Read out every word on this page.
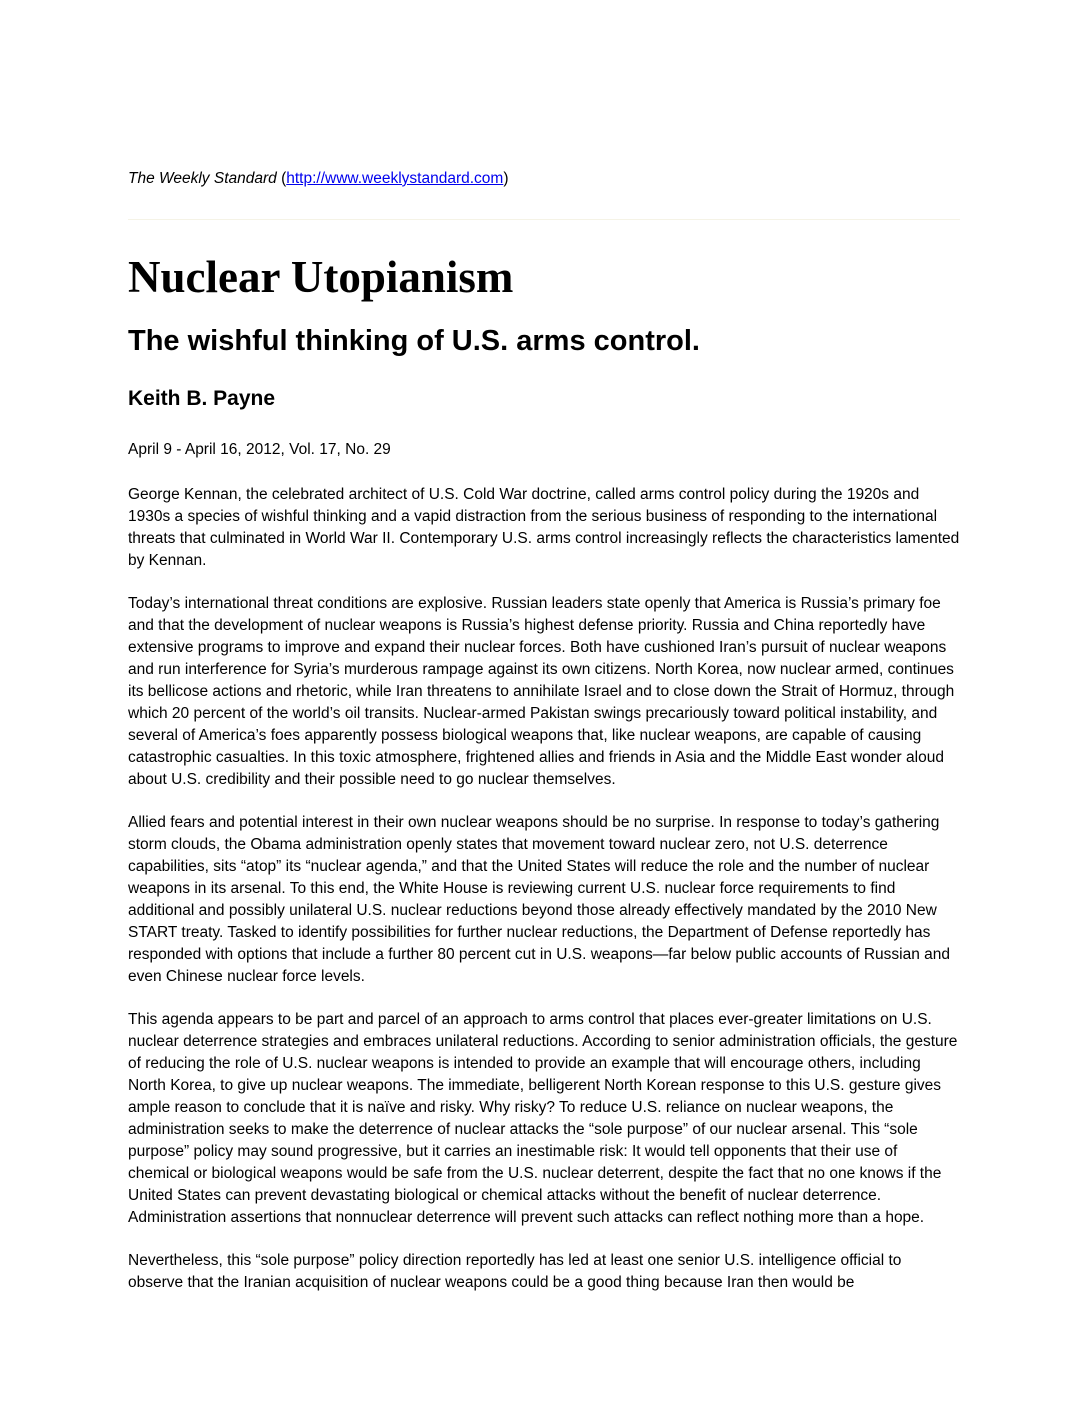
The Weekly Standard (http://www.weeklystandard.com)
Nuclear Utopianism
The wishful thinking of U.S. arms control.
Keith B. Payne
April 9 - April 16, 2012, Vol. 17, No. 29

George Kennan, the celebrated architect of U.S. Cold War doctrine, called arms control policy during the 1920s and 1930s a species of wishful thinking and a vapid distraction from the serious business of responding to the international threats that culminated in World War II. Contemporary U.S. arms control increasingly reflects the characteristics lamented by Kennan.

Today’s international threat conditions are explosive. Russian leaders state openly that America is Russia’s primary foe and that the development of nuclear weapons is Russia’s highest defense priority. Russia and China reportedly have extensive programs to improve and expand their nuclear forces. Both have cushioned Iran’s pursuit of nuclear weapons and run interference for Syria’s murderous rampage against its own citizens. North Korea, now nuclear armed, continues its bellicose actions and rhetoric, while Iran threatens to annihilate Israel and to close down the Strait of Hormuz, through which 20 percent of the world’s oil transits. Nuclear-armed Pakistan swings precariously toward political instability, and several of America’s foes apparently possess biological weapons that, like nuclear weapons, are capable of causing catastrophic casualties. In this toxic atmosphere, frightened allies and friends in Asia and the Middle East wonder aloud about U.S. credibility and their possible need to go nuclear themselves.

Allied fears and potential interest in their own nuclear weapons should be no surprise. In response to today’s gathering storm clouds, the Obama administration openly states that movement toward nuclear zero, not U.S. deterrence capabilities, sits “atop” its “nuclear agenda,” and that the United States will reduce the role and the number of nuclear weapons in its arsenal. To this end, the White House is reviewing current U.S. nuclear force requirements to find additional and possibly unilateral U.S. nuclear reductions beyond those already effectively mandated by the 2010 New START treaty. Tasked to identify possibilities for further nuclear reductions, the Department of Defense reportedly has responded with options that include a further 80 percent cut in U.S. weapons—far below public accounts of Russian and even Chinese nuclear force levels.

This agenda appears to be part and parcel of an approach to arms control that places ever-greater limitations on U.S. nuclear deterrence strategies and embraces unilateral reductions. According to senior administration officials, the gesture of reducing the role of U.S. nuclear weapons is intended to provide an example that will encourage others, including North Korea, to give up nuclear weapons. The immediate, belligerent North Korean response to this U.S. gesture gives ample reason to conclude that it is naïve and risky. Why risky? To reduce U.S. reliance on nuclear weapons, the administration seeks to make the deterrence of nuclear attacks the “sole purpose” of our nuclear arsenal. This “sole purpose” policy may sound progressive, but it carries an inestimable risk: It would tell opponents that their use of chemical or biological weapons would be safe from the U.S. nuclear deterrent, despite the fact that no one knows if the United States can prevent devastating biological or chemical attacks without the benefit of nuclear deterrence. Administration assertions that nonnuclear deterrence will prevent such attacks can reflect nothing more than a hope.

Nevertheless, this “sole purpose” policy direction reportedly has led at least one senior U.S. intelligence official to observe that the Iranian acquisition of nuclear weapons could be a good thing because Iran then would be
